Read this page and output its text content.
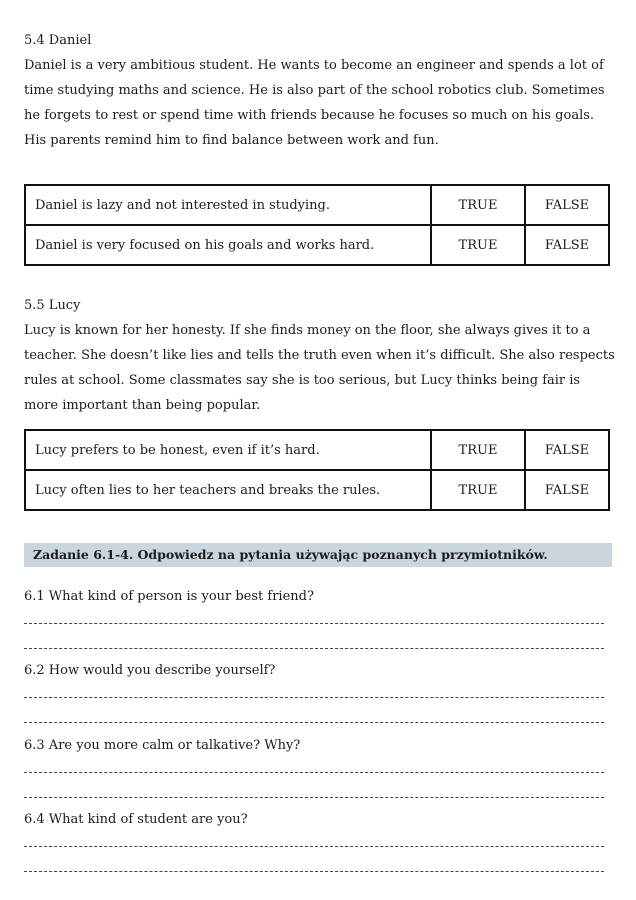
5.4 Daniel

Daniel is a very ambitious student. He wants to become an engineer and spends a lot of time studying maths and science. He is also part of the school robotics club. Sometimes he forgets to rest or spend time with friends because he focuses so much on his goals. His parents remind him to find balance between work and fun.

Daniel is lazy and not interested in studying.	TRUE	FALSE
Daniel is very focused on his goals and works hard.	TRUE	FALSE
5.5 Lucy

Lucy is known for her honesty. If she finds money on the floor, she always gives it to a teacher. She doesn’t like lies and tells the truth even when it’s difficult. She also respects rules at school. Some classmates say she is too serious, but Lucy thinks being fair is more important than being popular.

Lucy prefers to be honest, even if it’s hard.	TRUE	FALSE
Lucy often lies to her teachers and breaks the rules.	TRUE	FALSE
Zadanie 6.1-4. Odpowiedz na pytania używając poznanych przymiotników.
6.1 What kind of person is your best friend?
6.2 How would you describe yourself?
6.3 Are you more calm or talkative? Why?
6.4 What kind of student are you?
